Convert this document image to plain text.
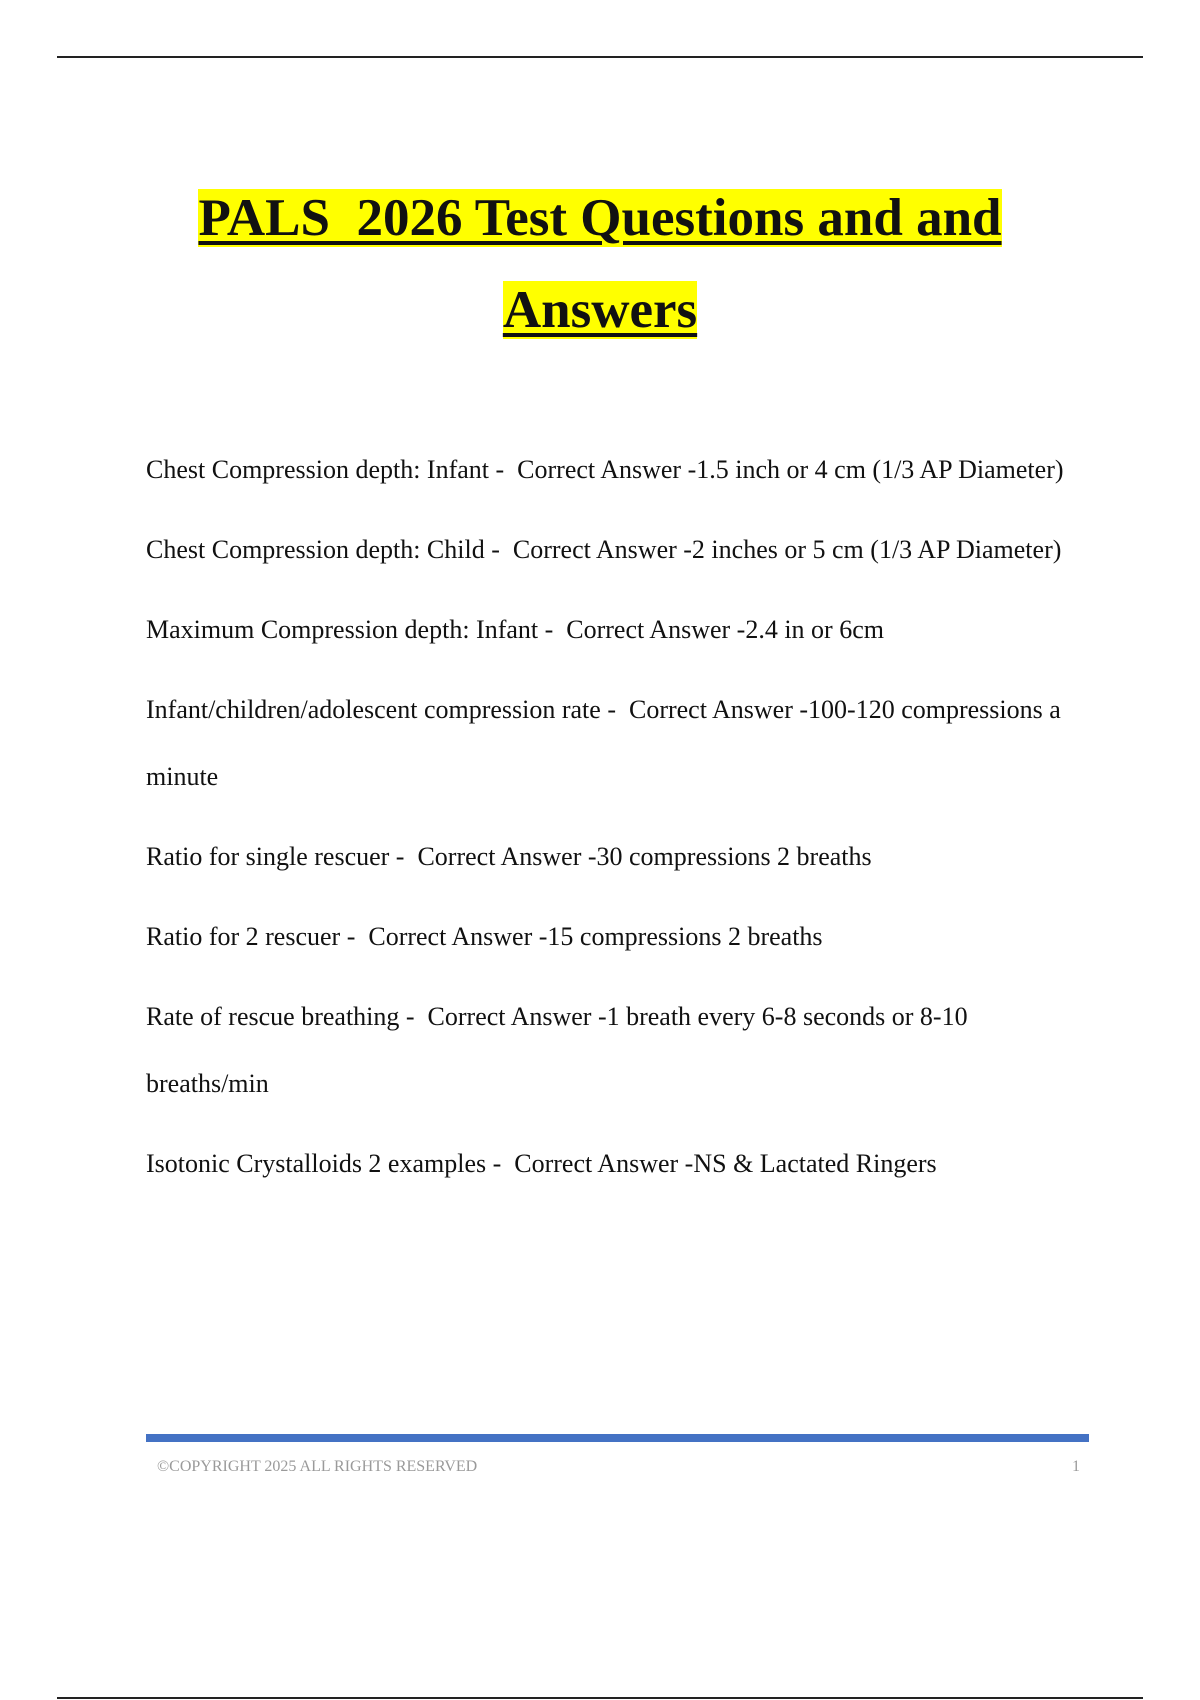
PALS  2026 Test Questions and and
Answers
Chest Compression depth: Infant -  Correct Answer -1.5 inch or 4 cm (1/3 AP Diameter)
Chest Compression depth: Child -  Correct Answer -2 inches or 5 cm (1/3 AP Diameter)
Maximum Compression depth: Infant -  Correct Answer -2.4 in or 6cm
Infant/children/adolescent compression rate -  Correct Answer -100-120 compressions a minute
Ratio for single rescuer -  Correct Answer -30 compressions 2 breaths
Ratio for 2 rescuer -  Correct Answer -15 compressions 2 breaths
Rate of rescue breathing -  Correct Answer -1 breath every 6-8 seconds or 8-10 breaths/min
Isotonic Crystalloids 2 examples -  Correct Answer -NS & Lactated Ringers
©COPYRIGHT 2025 ALL RIGHTS RESERVED	1
